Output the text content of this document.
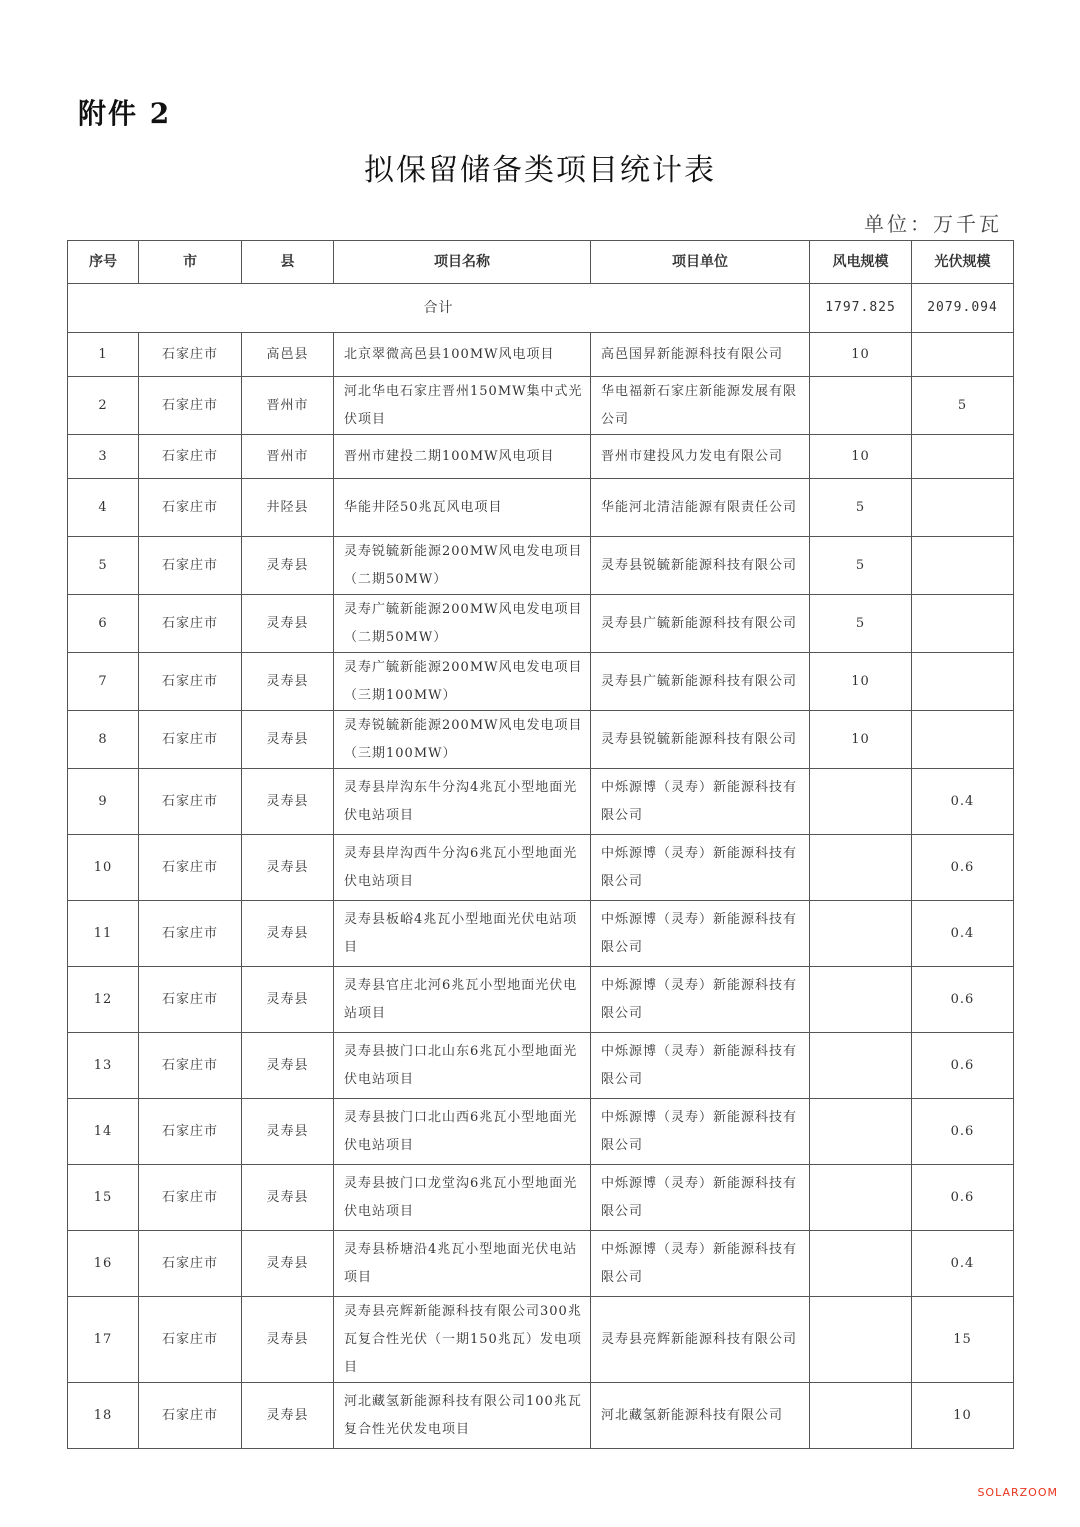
附件 2
拟保留储备类项目统计表
单位：万千瓦
序号	市	县	项目名称	项目单位	风电规模	光伏规模
合计					1797.825	2079.094
1	石家庄市	高邑县	北京翠微高邑县100MW风电项目	高邑国昇新能源科技有限公司	10	
2	石家庄市	晋州市	河北华电石家庄晋州150MW集中式光伏项目	华电福新石家庄新能源发展有限公司		5
3	石家庄市	晋州市	晋州市建投二期100MW风电项目	晋州市建投风力发电有限公司	10	
4	石家庄市	井陉县	华能井陉50兆瓦风电项目	华能河北清洁能源有限责任公司	5	
5	石家庄市	灵寿县	灵寿锐毓新能源200MW风电发电项目（二期50MW）	灵寿县锐毓新能源科技有限公司	5	
6	石家庄市	灵寿县	灵寿广毓新能源200MW风电发电项目（二期50MW）	灵寿县广毓新能源科技有限公司	5	
7	石家庄市	灵寿县	灵寿广毓新能源200MW风电发电项目（三期100MW）	灵寿县广毓新能源科技有限公司	10	
8	石家庄市	灵寿县	灵寿锐毓新能源200MW风电发电项目（三期100MW）	灵寿县锐毓新能源科技有限公司	10	
9	石家庄市	灵寿县	灵寿县岸沟东牛分沟4兆瓦小型地面光伏电站项目	中烁源博（灵寿）新能源科技有限公司		0.4
10	石家庄市	灵寿县	灵寿县岸沟西牛分沟6兆瓦小型地面光伏电站项目	中烁源博（灵寿）新能源科技有限公司		0.6
11	石家庄市	灵寿县	灵寿县板峪4兆瓦小型地面光伏电站项目	中烁源博（灵寿）新能源科技有限公司		0.4
12	石家庄市	灵寿县	灵寿县官庄北河6兆瓦小型地面光伏电站项目	中烁源博（灵寿）新能源科技有限公司		0.6
13	石家庄市	灵寿县	灵寿县披门口北山东6兆瓦小型地面光伏电站项目	中烁源博（灵寿）新能源科技有限公司		0.6
14	石家庄市	灵寿县	灵寿县披门口北山西6兆瓦小型地面光伏电站项目	中烁源博（灵寿）新能源科技有限公司		0.6
15	石家庄市	灵寿县	灵寿县披门口龙堂沟6兆瓦小型地面光伏电站项目	中烁源博（灵寿）新能源科技有限公司		0.6
16	石家庄市	灵寿县	灵寿县桥塘沿4兆瓦小型地面光伏电站项目	中烁源博（灵寿）新能源科技有限公司		0.4
17	石家庄市	灵寿县	灵寿县亮辉新能源科技有限公司300兆瓦复合性光伏（一期150兆瓦）发电项目	灵寿县亮辉新能源科技有限公司		15
18	石家庄市	灵寿县	河北藏氢新能源科技有限公司100兆瓦复合性光伏发电项目	河北藏氢新能源科技有限公司		10
SOLARZOOM
